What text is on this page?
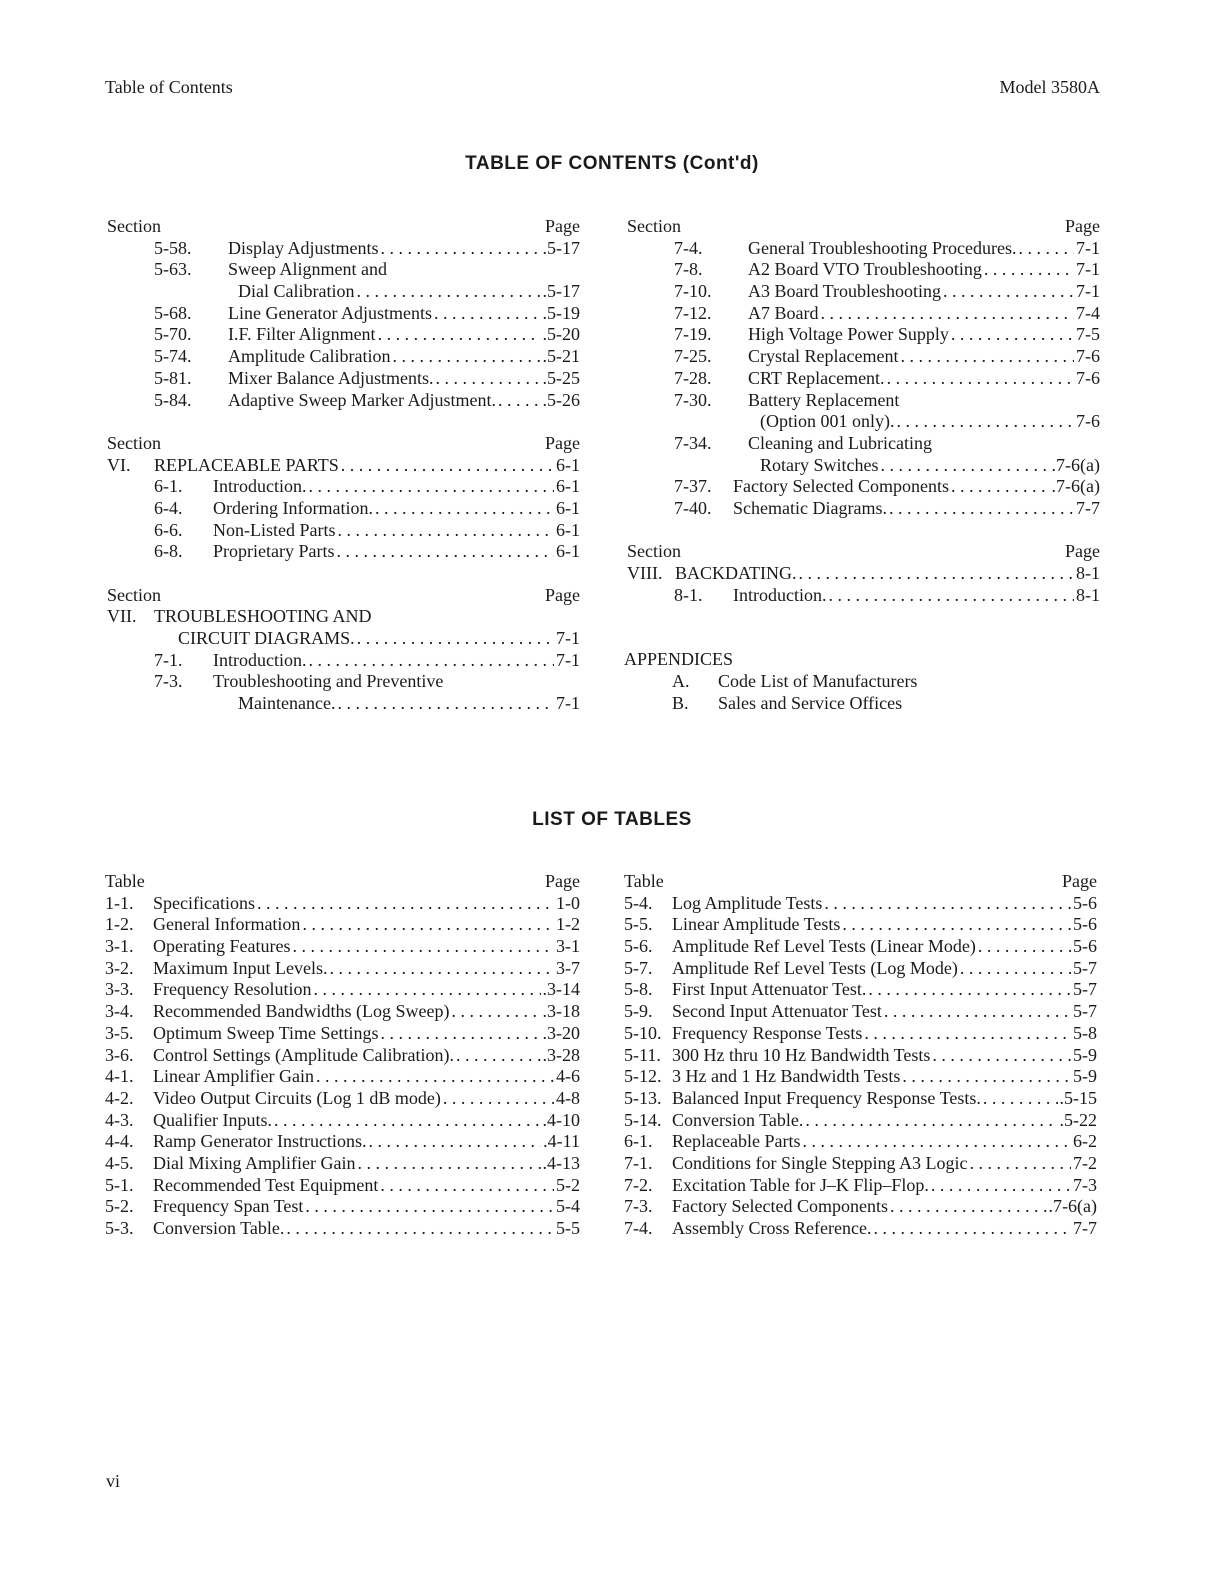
Table of Contents	Model 3580A
TABLE OF CONTENTS (Cont'd)
Section	Page
5-58. Display Adjustments . . .	.5-17
5-63. Sweep Alignment and
Dial Calibration . . .	.5-17
5-68. Line Generator Adjustments . . .	.5-19
5-70. I.F. Filter Alignment . . .	.5-20
5-74. Amplitude Calibration . . .	.5-21
5-81. Mixer Balance Adjustments. . . .	.5-25
5-84. Adaptive Sweep Marker Adjustment. . . .	.5-26
Section	Page
VI. REPLACEABLE PARTS . . .	6-1
6-1. Introduction. . . .	6-1
6-4. Ordering Information. . . .	6-1
6-6. Non-Listed Parts . . .	6-1
6-8. Proprietary Parts . . .	6-1
Section	Page
VII. TROUBLESHOOTING AND
CIRCUIT DIAGRAMS. . . .	7-1
7-1. Introduction. . . .	7-1
7-3. Troubleshooting and Preventive
Maintenance. . . .	7-1
Section	Page
7-4.	General Troubleshooting Procedures. . . .	7-1
7-8.	A2 Board VTO Troubleshooting . . .	7-1
7-10. A3 Board Troubleshooting . . .	7-1
7-12. A7 Board . . .	7-4
7-19. High Voltage Power Supply . . .	7-5
7-25. Crystal Replacement . . .	7-6
7-28. CRT Replacement. . . .	7-6
7-30. Battery Replacement
(Option 001 only). . . .	7-6
7-34. Cleaning and Lubricating
Rotary Switches . . .	.7-6(a)
7-37. Factory Selected Components . . .	.7-6(a)
7-40. Schematic Diagrams. . . .	7-7
Section	Page
VIII. BACKDATING. . . .	8-1
8-1. Introduction. . . .	8-1
APPENDICES
A. Code List of Manufacturers
B. Sales and Service Offices
LIST OF TABLES
Table	Page
1-1. Specifications . . .	1-0
1-2. General Information . . .	1-2
3-1. Operating Features . . .	3-1
3-2. Maximum Input Levels. . . .	3-7
3-3. Frequency Resolution . . .	.3-14
3-4. Recommended Bandwidths (Log Sweep) . . .	.3-18
3-5. Optimum Sweep Time Settings . . .	.3-20
3-6. Control Settings (Amplitude Calibration). . . .	.3-28
4-1. Linear Amplifier Gain . . .	4-6
4-2. Video Output Circuits (Log 1 dB mode) . . .	4-8
4-3. Qualifier Inputs. . . .	.4-10
4-4. Ramp Generator Instructions. . . .	.4-11
4-5. Dial Mixing Amplifier Gain . . .	.4-13
5-1. Recommended Test Equipment . . .	5-2
5-2. Frequency Span Test . . .	5-4
5-3. Conversion Table. . . .	5-5
Table	Page
5-4. Log Amplitude Tests . . .	5-6
5-5. Linear Amplitude Tests . . .	5-6
5-6. Amplitude Ref Level Tests (Linear Mode) . . .	5-6
5-7. Amplitude Ref Level Tests (Log Mode) . . .	5-7
5-8. First Input Attenuator Test. . . .	5-7
5-9. Second Input Attenuator Test . . .	5-7
5-10. Frequency Response Tests . . .	5-8
5-11. 300 Hz thru 10 Hz Bandwidth Tests . . .	5-9
5-12. 3 Hz and 1 Hz Bandwidth Tests . . .	5-9
5-13. Balanced Input Frequency Response Tests. . . .	.5-15
5-14. Conversion Table. . . .	.5-22
6-1. Replaceable Parts . . .	6-2
7-1. Conditions for Single Stepping A3 Logic . . .	7-2
7-2. Excitation Table for J–K Flip–Flop. . . .	7-3
7-3. Factory Selected Components . . .	.7-6(a)
7-4. Assembly Cross Reference. . . .	7-7
vi
